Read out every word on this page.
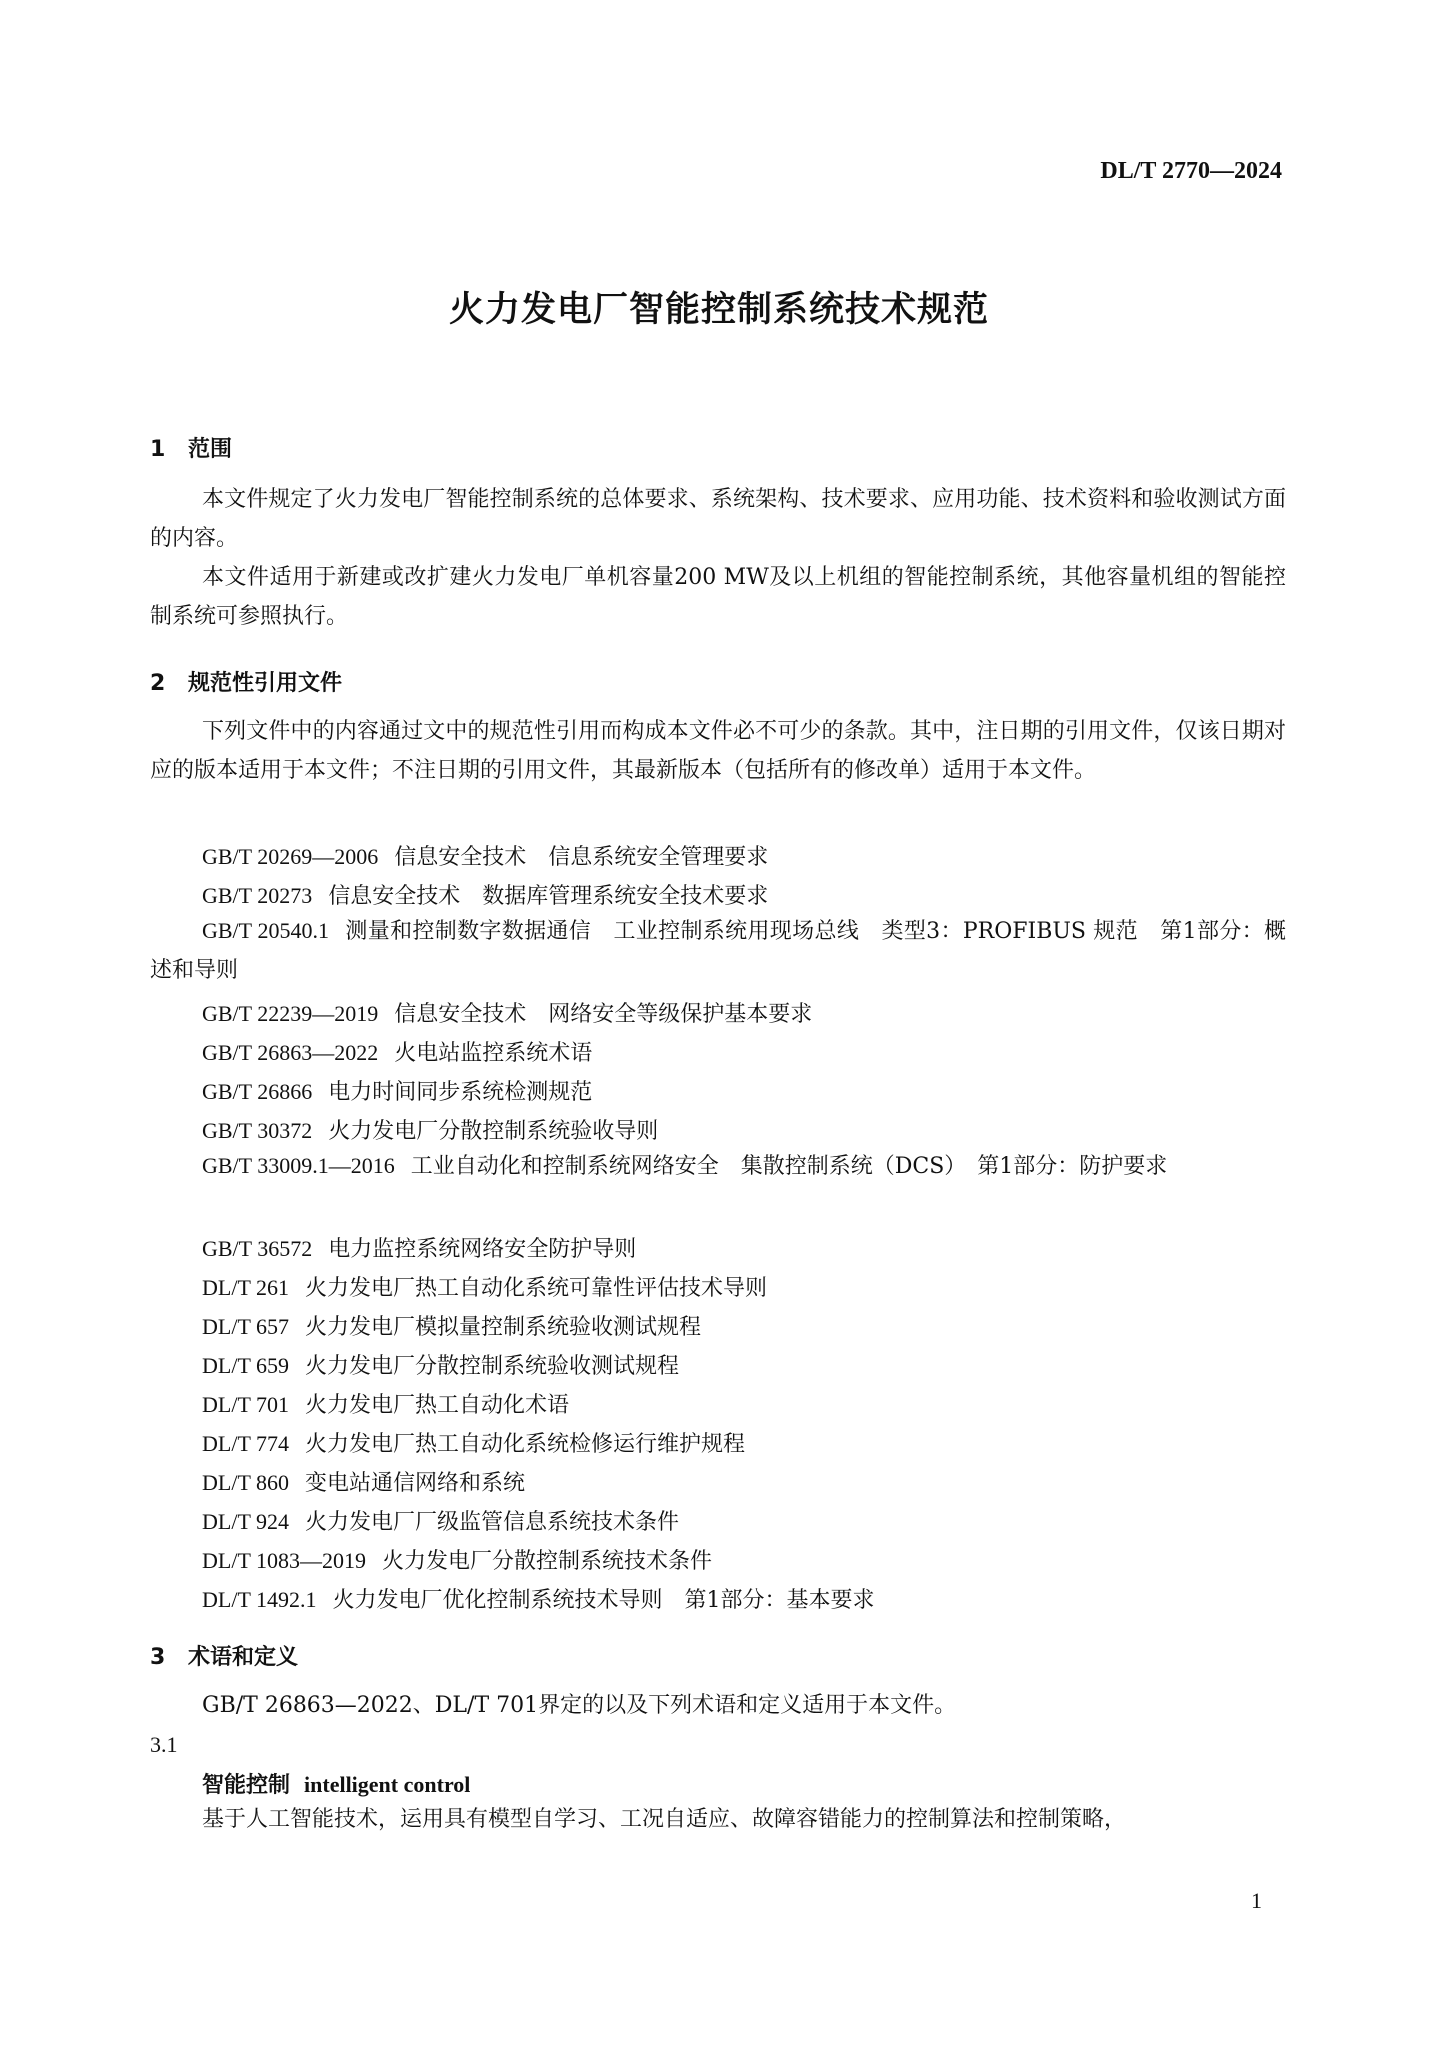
DL/T 2770—2024
火力发电厂智能控制系统技术规范
1 范围
本文件规定了火力发电厂智能控制系统的总体要求、系统架构、技术要求、应用功能、技术资料和验收测试方面的内容。
本文件适用于新建或改扩建火力发电厂单机容量200 MW及以上机组的智能控制系统，其他容量机组的智能控制系统可参照执行。
2 规范性引用文件
下列文件中的内容通过文中的规范性引用而构成本文件必不可少的条款。其中，注日期的引用文件，仅该日期对应的版本适用于本文件；不注日期的引用文件，其最新版本（包括所有的修改单）适用于本文件。
GB/T 20269—2006 信息安全技术　信息系统安全管理要求
GB/T 20273 信息安全技术　数据库管理系统安全技术要求
GB/T 20540.1 测量和控制数字数据通信　工业控制系统用现场总线　类型3：PROFIBUS 规范　第1部分：概述和导则
GB/T 22239—2019 信息安全技术　网络安全等级保护基本要求
GB/T 26863—2022 火电站监控系统术语
GB/T 26866 电力时间同步系统检测规范
GB/T 30372 火力发电厂分散控制系统验收导则
GB/T 33009.1—2016 工业自动化和控制系统网络安全　集散控制系统（DCS）　第1部分：防护要求
GB/T 36572 电力监控系统网络安全防护导则
DL/T 261 火力发电厂热工自动化系统可靠性评估技术导则
DL/T 657 火力发电厂模拟量控制系统验收测试规程
DL/T 659 火力发电厂分散控制系统验收测试规程
DL/T 701 火力发电厂热工自动化术语
DL/T 774 火力发电厂热工自动化系统检修运行维护规程
DL/T 860 变电站通信网络和系统
DL/T 924 火力发电厂厂级监管信息系统技术条件
DL/T 1083—2019 火力发电厂分散控制系统技术条件
DL/T 1492.1 火力发电厂优化控制系统技术导则　第1部分：基本要求
3 术语和定义
GB/T 26863—2022、DL/T 701界定的以及下列术语和定义适用于本文件。
3.1
智能控制 intelligent control
基于人工智能技术，运用具有模型自学习、工况自适应、故障容错能力的控制算法和控制策略，
1
